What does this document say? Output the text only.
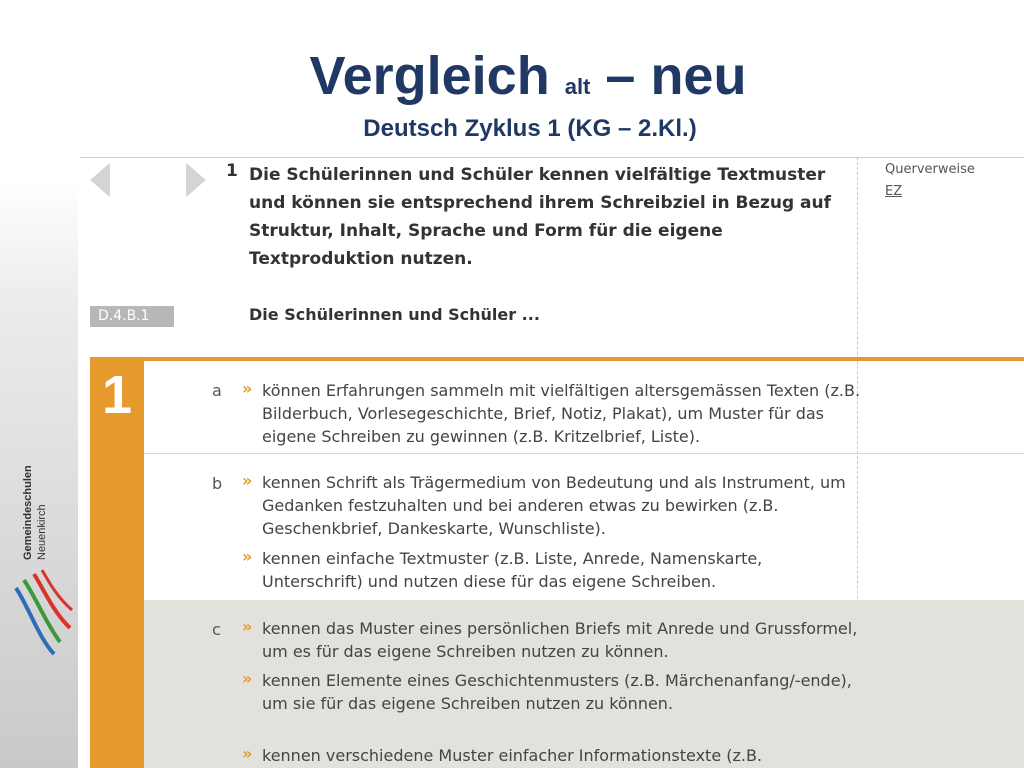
Gemeindeschulen Neuenkirch
Vergleich alt – neu
Deutsch Zyklus 1 (KG – 2.Kl.)
1 Die Schülerinnen und Schüler kennen vielfältige Textmuster und können sie entsprechend ihrem Schreibziel in Bezug auf Struktur, Inhalt, Sprache und Form für die eigene Textproduktion nutzen.
Querverweise
EZ
D.4.B.1	Die Schülerinnen und Schüler ...
1	a » können Erfahrungen sammeln mit vielfältigen altersgemässen Texten (z.B. Bilderbuch, Vorlesegeschichte, Brief, Notiz, Plakat), um Muster für das eigene Schreiben zu gewinnen (z.B. Kritzelbrief, Liste).
b » kennen Schrift als Trägermedium von Bedeutung und als Instrument, um Gedanken festzuhalten und bei anderen etwas zu bewirken (z.B. Geschenkbrief, Dankeskarte, Wunschliste).
» kennen einfache Textmuster (z.B. Liste, Anrede, Namenskarte, Unterschrift) und nutzen diese für das eigene Schreiben.
c » kennen das Muster eines persönlichen Briefs mit Anrede und Grussformel, um es für das eigene Schreiben nutzen zu können.
» kennen Elemente eines Geschichtenmusters (z.B. Märchenanfang/-ende), um sie für das eigene Schreiben nutzen zu können.
» kennen verschiedene Muster einfacher Informationstexte (z.B.
